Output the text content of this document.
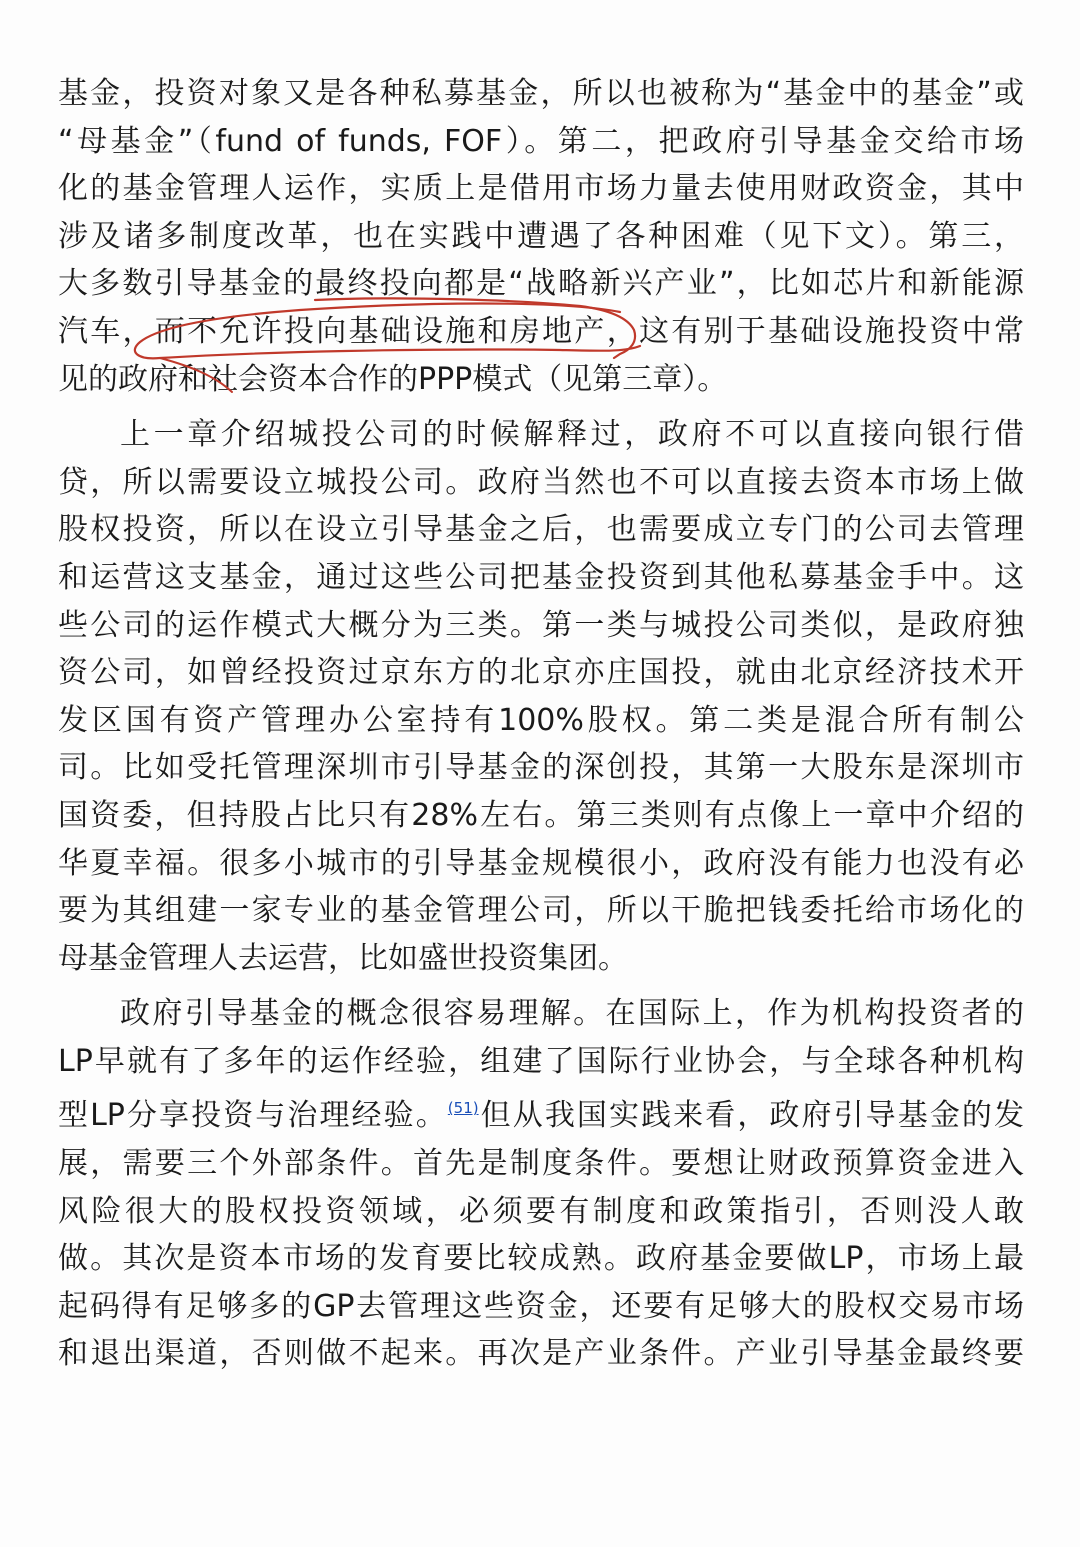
基金，投资对象又是各种私募基金，所以也被称为“基金中的基金”或
“母基金”（fund of funds, FOF）。第二，把政府引导基金交给市场
化的基金管理人运作，实质上是借用市场力量去使用财政资金，其中
涉及诸多制度改革，也在实践中遭遇了各种困难（见下文）。第三，
大多数引导基金的最终投向都是“战略新兴产业”，比如芯片和新能源
汽车，而不允许投向基础设施和房地产，这有别于基础设施投资中常
见的政府和社会资本合作的PPP模式（见第三章）。

上一章介绍城投公司的时候解释过，政府不可以直接向银行借
贷，所以需要设立城投公司。政府当然也不可以直接去资本市场上做
股权投资，所以在设立引导基金之后，也需要成立专门的公司去管理
和运营这支基金，通过这些公司把基金投资到其他私募基金手中。这
些公司的运作模式大概分为三类。第一类与城投公司类似，是政府独
资公司，如曾经投资过京东方的北京亦庄国投，就由北京经济技术开
发区国有资产管理办公室持有100%股权。第二类是混合所有制公
司。比如受托管理深圳市引导基金的深创投，其第一大股东是深圳市
国资委，但持股占比只有28%左右。第三类则有点像上一章中介绍的
华夏幸福。很多小城市的引导基金规模很小，政府没有能力也没有必
要为其组建一家专业的基金管理公司，所以干脆把钱委托给市场化的
母基金管理人去运营，比如盛世投资集团。

政府引导基金的概念很容易理解。在国际上，作为机构投资者的
LP早就有了多年的运作经验，组建了国际行业协会，与全球各种机构
型LP分享投资与治理经验。$^{(51)}$但从我国实践来看，政府引导基金的发
展，需要三个外部条件。首先是制度条件。要想让财政预算资金进入
风险很大的股权投资领域，必须要有制度和政策指引，否则没人敢
做。其次是资本市场的发育要比较成熟。政府基金要做LP，市场上最
起码得有足够多的GP去管理这些资金，还要有足够大的股权交易市场
和退出渠道，否则做不起来。再次是产业条件。产业引导基金最终要
